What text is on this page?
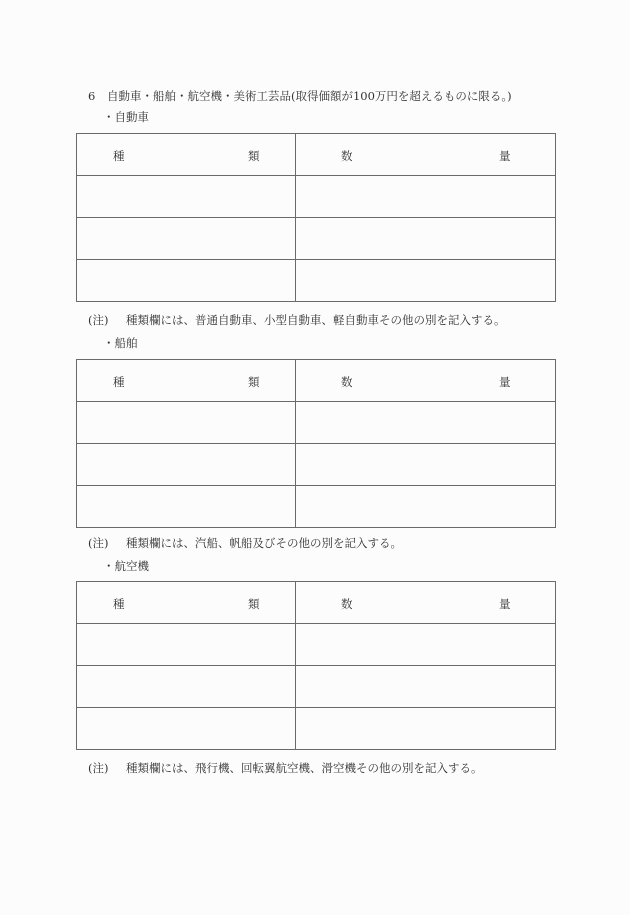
6 自動車・船舶・航空機・美術工芸品(取得価額が100万円を超えるものに限る。)
・自動車
種 類	数 量

(注) 種類欄には、普通自動車、小型自動車、軽自動車その他の別を記入する。
・船舶
種 類	数 量

(注) 種類欄には、汽船、帆船及びその他の別を記入する。
・航空機
種 類	数 量

(注) 種類欄には、飛行機、回転翼航空機、滑空機その他の別を記入する。
